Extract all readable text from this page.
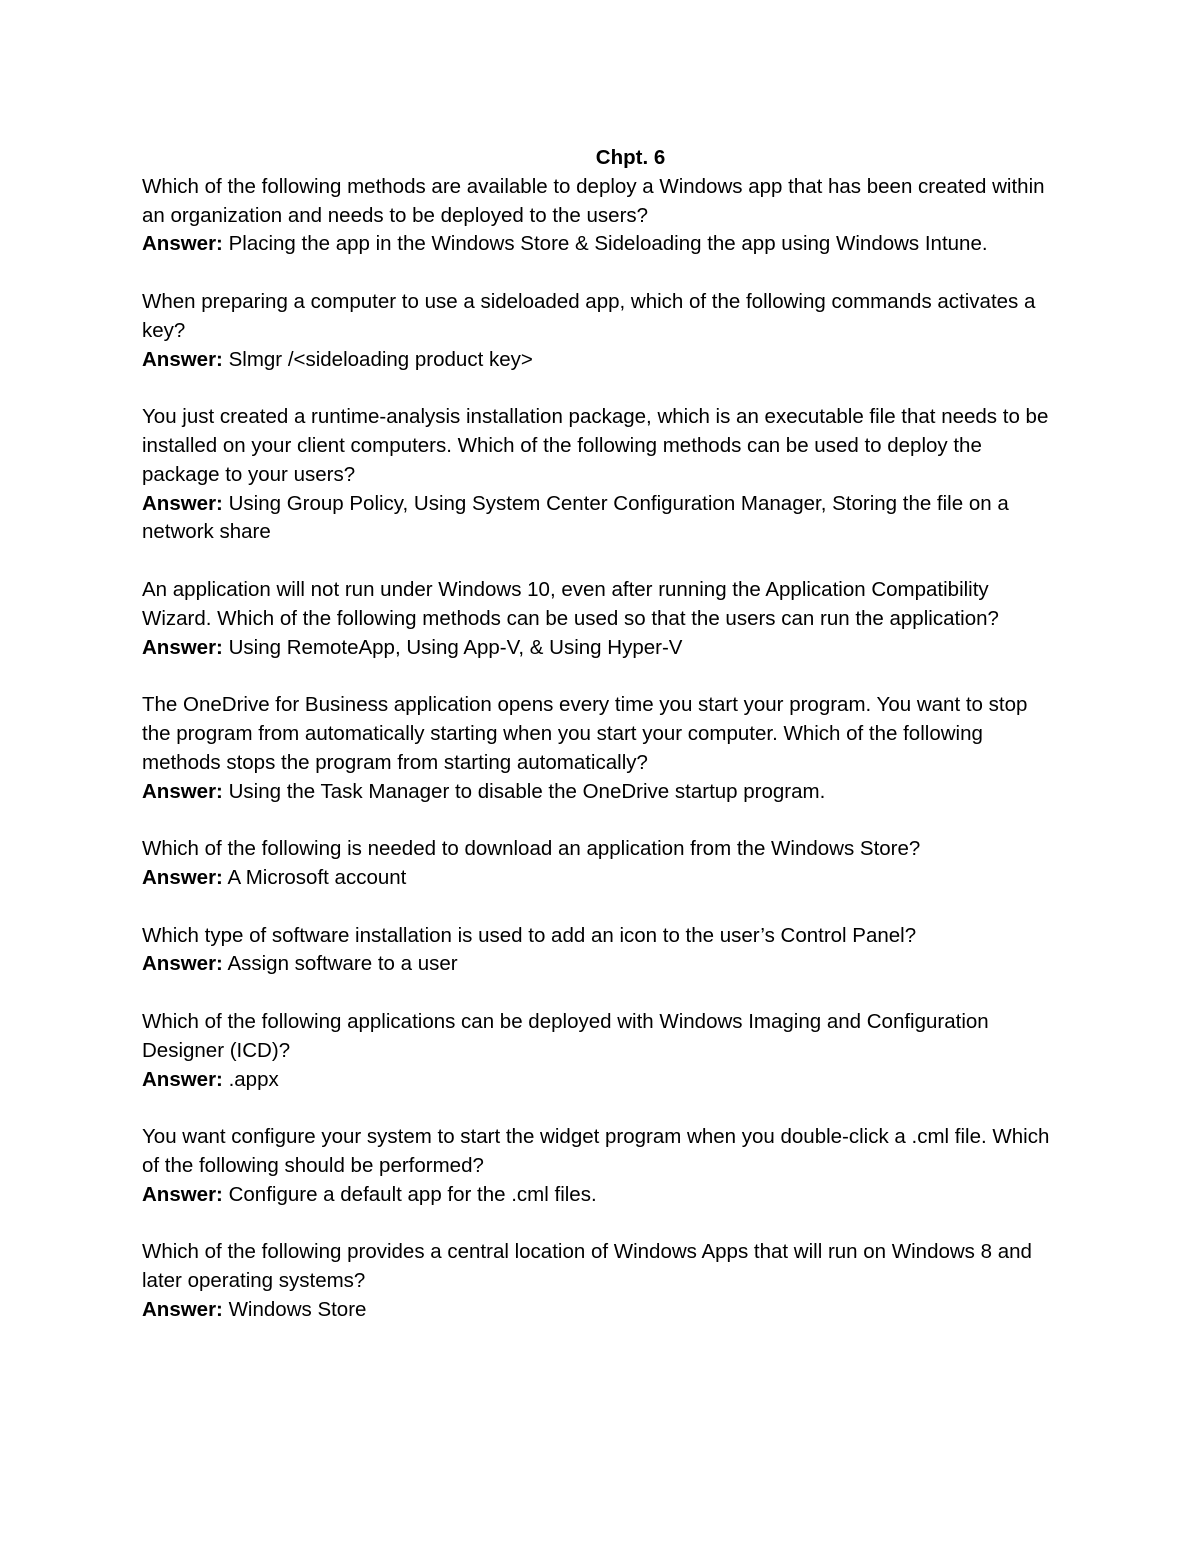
Chpt. 6

Which of the following methods are available to deploy a Windows app that has been created within an organization and needs to be deployed to the users?

Answer: Placing the app in the Windows Store & Sideloading the app using Windows Intune.

When preparing a computer to use a sideloaded app, which of the following commands activates a key?

Answer: Slmgr /<sideloading product key>

You just created a runtime-analysis installation package, which is an executable file that needs to be installed on your client computers. Which of the following methods can be used to deploy the package to your users?

Answer: Using Group Policy, Using System Center Configuration Manager, Storing the file on a network share

An application will not run under Windows 10, even after running the Application Compatibility Wizard. Which of the following methods can be used so that the users can run the application?

Answer: Using RemoteApp, Using App-V, & Using Hyper-V

The OneDrive for Business application opens every time you start your program. You want to stop the program from automatically starting when you start your computer. Which of the following methods stops the program from starting automatically?

Answer: Using the Task Manager to disable the OneDrive startup program.

Which of the following is needed to download an application from the Windows Store?

Answer: A Microsoft account

Which type of software installation is used to add an icon to the user’s Control Panel?

Answer: Assign software to a user

Which of the following applications can be deployed with Windows Imaging and Configuration Designer (ICD)?

Answer: .appx

You want configure your system to start the widget program when you double-click a .cml file. Which of the following should be performed?

Answer: Configure a default app for the .cml files.

Which of the following provides a central location of Windows Apps that will run on Windows 8 and later operating systems?

Answer: Windows Store
